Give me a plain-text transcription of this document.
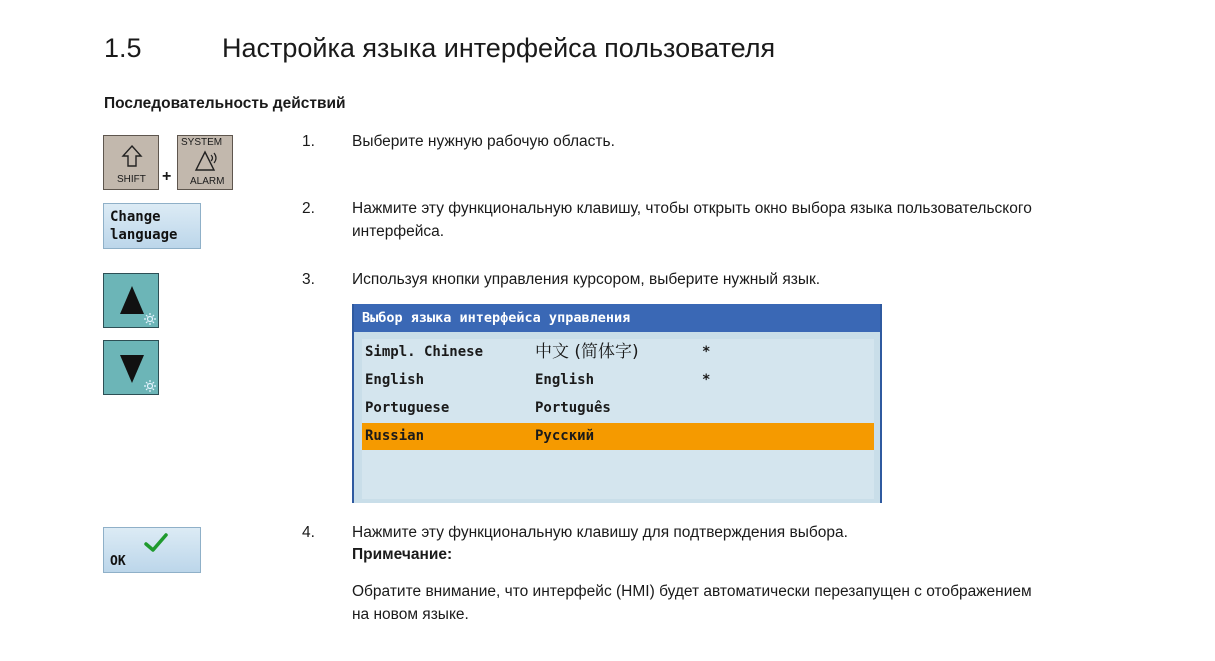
1.5	Настройка языка интерфейса пользователя
Последовательность действий
SHIFT +
SYSTEM
ALARM
1. Выберите нужную рабочую область.
Change
language
2. Нажмите эту функциональную клавишу, чтобы открыть окно выбора языка пользовательского интерфейса.
3. Используя кнопки управления курсором, выберите нужный язык.
Выбор языка интерфейса управления
Simpl. Chinese	中文 (简体字)	*
English	English	*
Portuguese	Português
Russian	Русский
OK
4. Нажмите эту функциональную клавишу для подтверждения выбора.
Примечание:
Обратите внимание, что интерфейс (HMI) будет автоматически перезапущен с отображением на новом языке.
